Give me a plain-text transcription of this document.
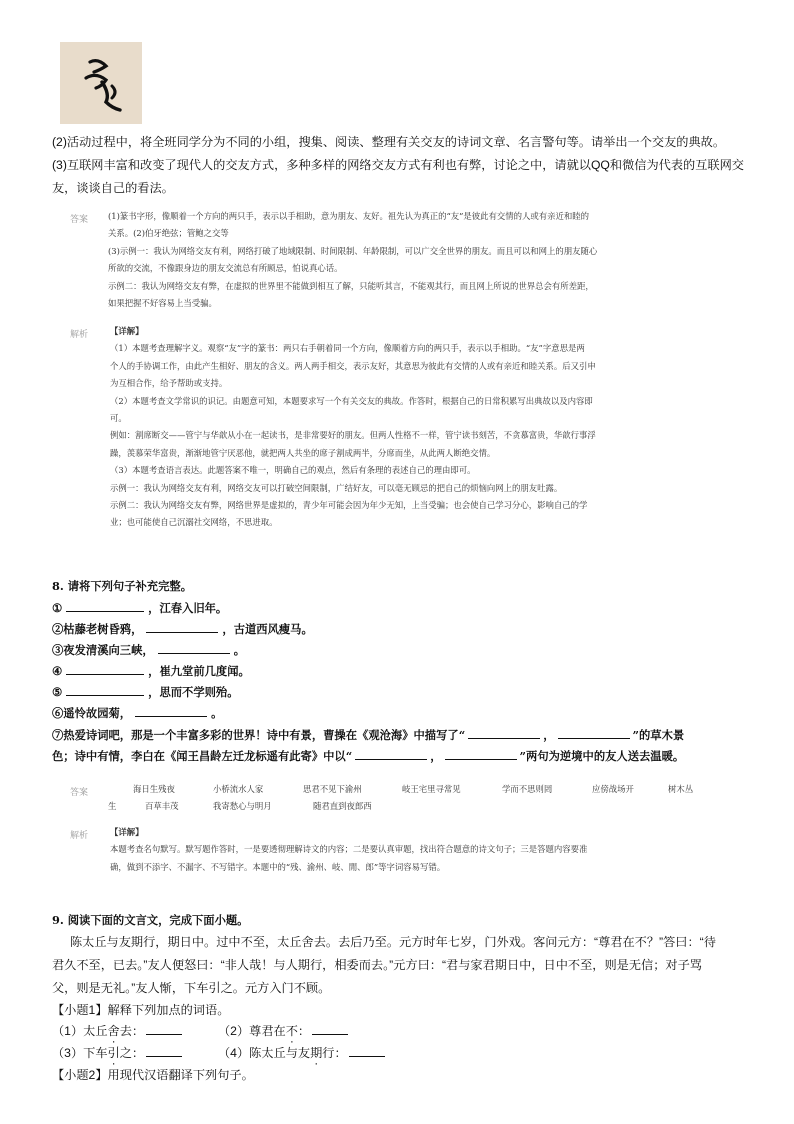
(2)活动过程中，将全班同学分为不同的小组，搜集、阅读、整理有关交友的诗词文章、名言警句等。请举出一个交友的典故。
(3)互联网丰富和改变了现代人的交友方式，多种多样的网络交友方式有利也有弊，讨论之中，请就以QQ和微信为代表的互联网交
友，谈谈自己的看法。
答案 (1)篆书字形，像顺着一个方向的两只手，表示以手相助，意为朋友、友好。祖先认为真正的“友”是彼此有交情的人或有亲近和睦的

关系。(2)伯牙绝弦；管鲍之交等

(3)示例一：我认为网络交友有利，网络打破了地域限制、时间限制、年龄限制，可以广交全世界的朋友。而且可以和网上的朋友随心

所欲的交流，不像跟身边的朋友交流总有所顾忌，怕说真心话。

示例二：我认为网络交友有弊，在虚拟的世界里不能做到相互了解，只能听其言，不能观其行，而且网上所说的世界总会有所差距，

如果把握不好容易上当受骗。

解析	【详解】

（1）本题考查理解字义。观察“友”字的篆书：两只右手朝着同一个方向，像顺着方向的两只手，表示以手相助。“友”字意思是两

个人的手协调工作，由此产生相好、朋友的含义。两人两手相交，表示友好，其意思为彼此有交情的人或有亲近和睦关系。后又引申

为互相合作，给予帮助或支持。

（2）本题考查文学常识的识记。由题意可知，本题要求写一个有关交友的典故。作答时，根据自己的日常积累写出典故以及内容即

可。

例如：割席断交——管宁与华歆从小在一起读书，是非常要好的朋友。但两人性格不一样，管宁读书刻苦，不贪慕富贵，华歆行事浮

躁，羡慕荣华富贵，渐渐地管宁厌恶他，就把两人共坐的席子割成两半，分席而坐，从此两人断绝交情。

（3）本题考查语言表达。此题答案不唯一，明确自己的观点，然后有条理的表述自己的理由即可。

示例一：我认为网络交友有利，网络交友可以打破空间限制，广结好友，可以毫无顾忌的把自己的烦恼向网上的朋友吐露。

示例二：我认为网络交友有弊，网络世界是虚拟的，青少年可能会因为年少无知，上当受骗；也会使自己学习分心，影响自己的学

业；也可能使自己沉溺社交网络，不思进取。

8. 请将下列句子补充完整。
①	，江春入旧年。
②枯藤老树昏鸦，	，古道西风瘦马。
③夜发清溪向三峡，	。
④	，崔九堂前几度闻。
⑤	，思而不学则殆。
⑥遥怜故园菊，	。
⑦热爱诗词吧，那是一个丰富多彩的世界！诗中有景，曹操在《观沧海》中描写了“	，	”的草木景
色；诗中有情，李白在《闻王昌龄左迁龙标遥有此寄》中以“	，	”两句为逆境中的友人送去温暖。
答案	海日生残夜	小桥流水人家	思君不见下渝州	岐王宅里寻常见	学而不思则罔	应傍战场开	树木丛
生	百草丰茂	我寄愁心与明月	随君直到夜郎西
解析	【详解】

本题考查名句默写。默写题作答时，一是要透彻理解诗文的内容；二是要认真审题，找出符合题意的诗文句子；三是答题内容要准

确，做到不添字、不漏字、不写错字。本题中的“残、渝州、岐、閒、郎”等字词容易写错。

9. 阅读下面的文言文，完成下面小题。
陈太丘与友期行，期日中。过中不至，太丘舍去。去后乃至。元方时年七岁，门外戏。客问元方：“尊君在不？”答曰：“待
君久不至，已去。”友人便怒曰：“非人哉！与人期行，相委而去。”元方曰：“君与家君期日中，日中不至，则是无信；对子骂
父，则是无礼。”友人惭，下车引之。元方入门不顾。
【小题1】解释下列加点的词语。
（1）太丘舍去：	（2）尊君在不：
（3）下车引之：	（4）陈太丘与友期行：
【小题2】用现代汉语翻译下列句子。
